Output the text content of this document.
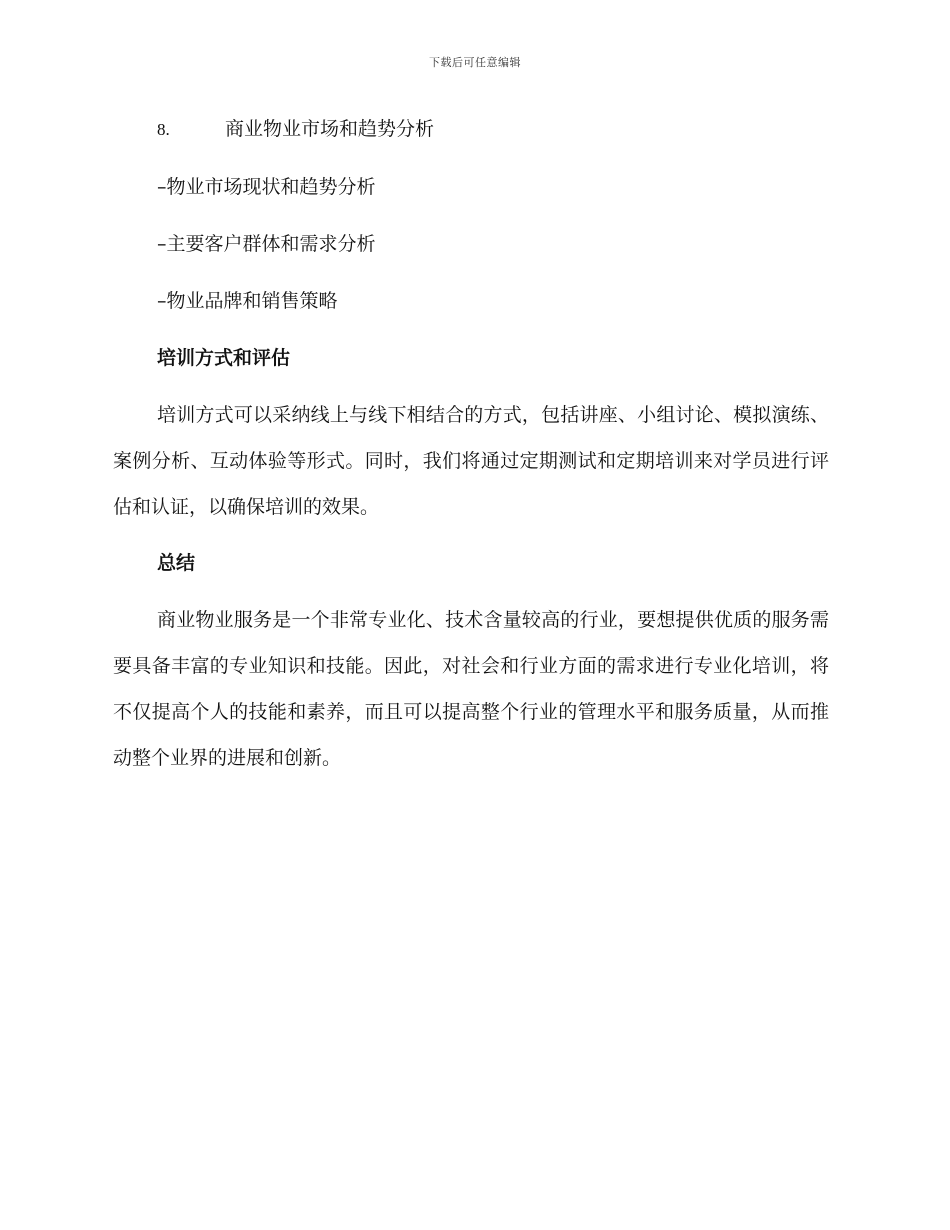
下载后可任意编辑
8.	商业物业市场和趋势分析
–物业市场现状和趋势分析
–主要客户群体和需求分析
–物业品牌和销售策略
培训方式和评估

培训方式可以采纳线上与线下相结合的方式，包括讲座、小组讨论、模拟演练、案例分析、互动体验等形式。同时，我们将通过定期测试和定期培训来对学员进行评估和认证，以确保培训的效果。

总结

商业物业服务是一个非常专业化、技术含量较高的行业，要想提供优质的服务需要具备丰富的专业知识和技能。因此，对社会和行业方面的需求进行专业化培训，将不仅提高个人的技能和素养，而且可以提高整个行业的管理水平和服务质量，从而推动整个业界的进展和创新。
